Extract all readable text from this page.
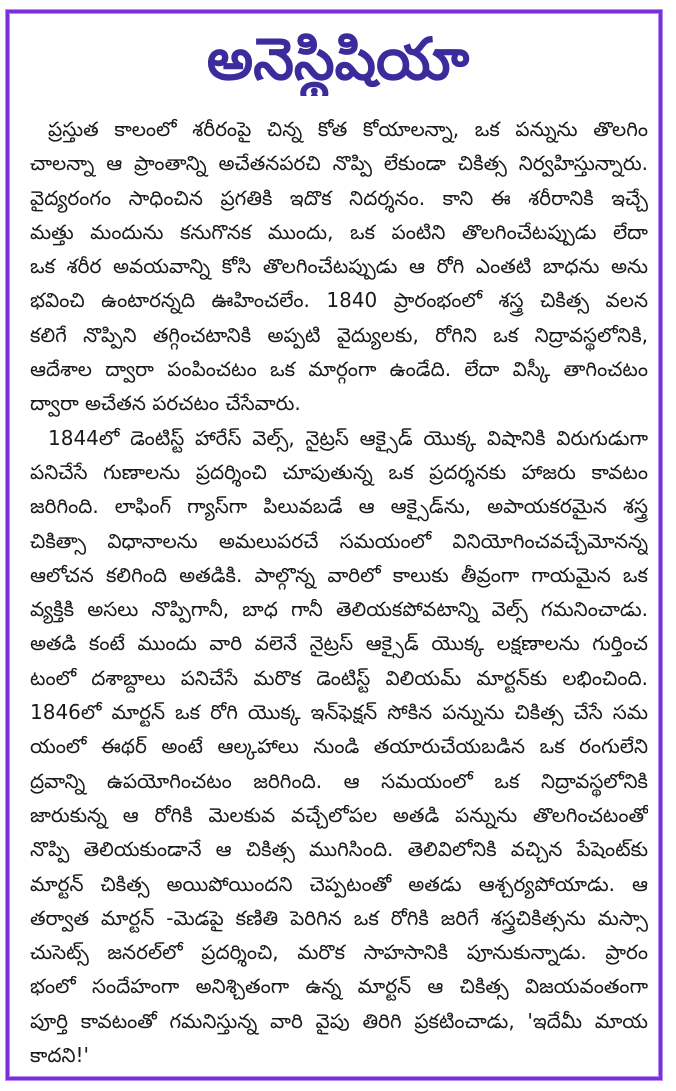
అనెస్థిషియా
ప్రస్తుత కాలంలో శరీరంపై చిన్న కోత కోయాలన్నా, ఒక పన్నును తొలగిం
చాలన్నా ఆ ప్రాంతాన్ని అచేతనపరచి నొప్పి లేకుండా చికిత్స నిర్వహిస్తున్నారు.
వైద్యరంగం సాధించిన ప్రగతికి ఇదొక నిదర్శనం. కాని ఈ శరీరానికి ఇచ్చే
మత్తు మందును కనుగొనక ముందు, ఒక పంటిని తొలగించేటప్పుడు లేదా
ఒక శరీర అవయవాన్ని కోసి తొలగించేటప్పుడు ఆ రోగి ఎంతటి బాధను అను
భవించి ఉంటారన్నది ఊహించలేం. 1840 ప్రారంభంలో శస్త్ర చికిత్స వలన
కలిగే నొప్పిని తగ్గించటానికి అప్పటి వైద్యులకు, రోగిని ఒక నిద్రావస్థలోనికి,
ఆదేశాల ద్వారా పంపించటం ఒక మార్గంగా ఉండేది. లేదా విస్కీ తాగించటం
ద్వారా అచేతన పరచటం చేసేవారు.
1844లో డెంటిస్ట్ హారేస్ వెల్స్, నైట్రస్ ఆక్సైడ్ యొక్క విషానికి విరుగుడుగా
పనిచేసే గుణాలను ప్రదర్శించి చూపుతున్న ఒక ప్రదర్శనకు హాజరు కావటం
జరిగింది. లాఫింగ్ గ్యాస్‌గా పిలువబడే ఆ ఆక్సైడ్‌ను, అపాయకరమైన శస్త్ర
చికిత్సా విధానాలను అమలుపరచే సమయంలో వినియోగించవచ్చేమోనన్న
ఆలోచన కలిగింది అతడికి. పాల్గొన్న వారిలో కాలుకు తీవ్రంగా గాయమైన ఒక
వ్యక్తికి అసలు నొప్పిగానీ, బాధ గానీ తెలియకపోవటాన్ని వెల్స్ గమనించాడు.
అతడి కంటే ముందు వారి వలెనే నైట్రస్ ఆక్సైడ్ యొక్క లక్షణాలను గుర్తించ
టంలో దశాబ్దాలు పనిచేసే మరొక డెంటిస్ట్ విలియమ్ మార్టన్‌కు లభించింది.
1846లో మార్టన్ ఒక రోగి యొక్క ఇన్‌ఫెక్షన్ సోకిన పన్నును చికిత్స చేసే సమ
యంలో ఈథర్ అంటే ఆల్కహాలు నుండి తయారుచేయబడిన ఒక రంగులేని
ద్రవాన్ని ఉపయోగించటం జరిగింది. ఆ సమయంలో ఒక నిద్రావస్థలోనికి
జారుకున్న ఆ రోగికి మెలకువ వచ్చేలోపల అతడి పన్నును తొలగించటంతో
నొప్పి తెలియకుండానే ఆ చికిత్స ముగిసింది. తెలివిలోనికి వచ్చిన పేషెంట్‌కు
మార్టన్ చికిత్స అయిపోయిందని చెప్పటంతో అతడు ఆశ్చర్యపోయాడు. ఆ
తర్వాత మార్టన్ -మెడపై కణితి పెరిగిన ఒక రోగికి జరిగే శస్త్రచికిత్సను మస్సా
చుసెట్స్ జనరల్‌లో ప్రదర్శించి, మరొక సాహసానికి పూనుకున్నాడు. ప్రారం
భంలో సందేహంగా అనిశ్చితంగా ఉన్న మార్టన్ ఆ చికిత్స విజయవంతంగా
పూర్తి కావటంతో గమనిస్తున్న వారి వైపు తిరిగి ప్రకటించాడు, 'ఇదేమీ మాయ
కాదని!'
